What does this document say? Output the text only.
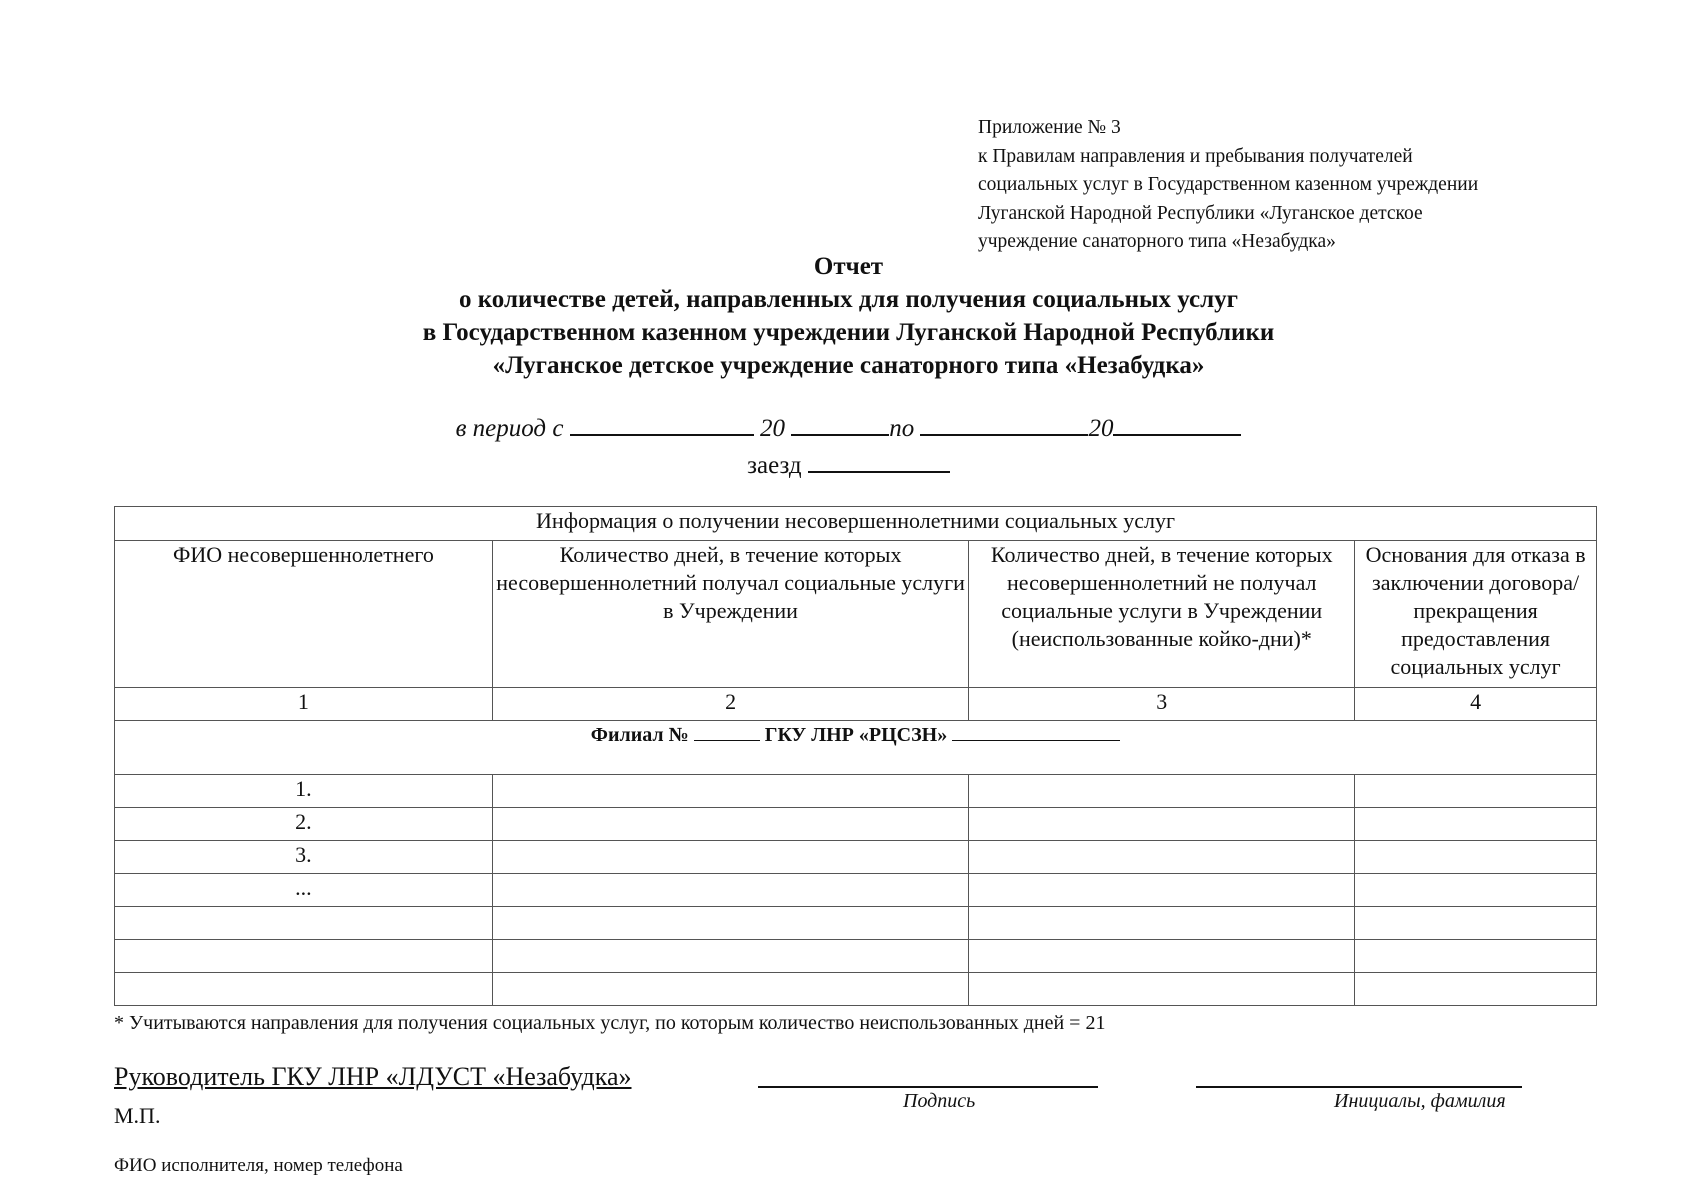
Приложение № 3
к Правилам направления и пребывания получателей
социальных услуг в Государственном казенном учреждении
Луганской Народной Республики «Луганское детское
учреждение санаторного типа «Незабудка»
Отчет
о количестве детей, направленных для получения социальных услуг
в Государственном казенном учреждении Луганской Народной Республики
«Луганское детское учреждение санаторного типа «Незабудка»
в период с	20	по	20
заезд
Информация о получении несовершеннолетними социальных услуг			
ФИО несовершеннолетнего	Количество дней, в течение которых несовершеннолетний получал социальные услуги в Учреждении	Количество дней, в течение которых несовершеннолетний не получал социальные услуги в Учреждении (неиспользованные койко-дни)*	Основания для отказа в заключении договора/прекращения предоставления социальных услуг
1	2	3	4
Филиал № ГКУ ЛНР «РЦСЗН»			
1.			
2.			
3.			
...			

* Учитываются направления для получения социальных услуг, по которым количество неиспользованных дней = 21
Руководитель ГКУ ЛНР «ЛДУСТ «Незабудка»
Подпись	Инициалы, фамилия
М.П.
ФИО исполнителя, номер телефона
